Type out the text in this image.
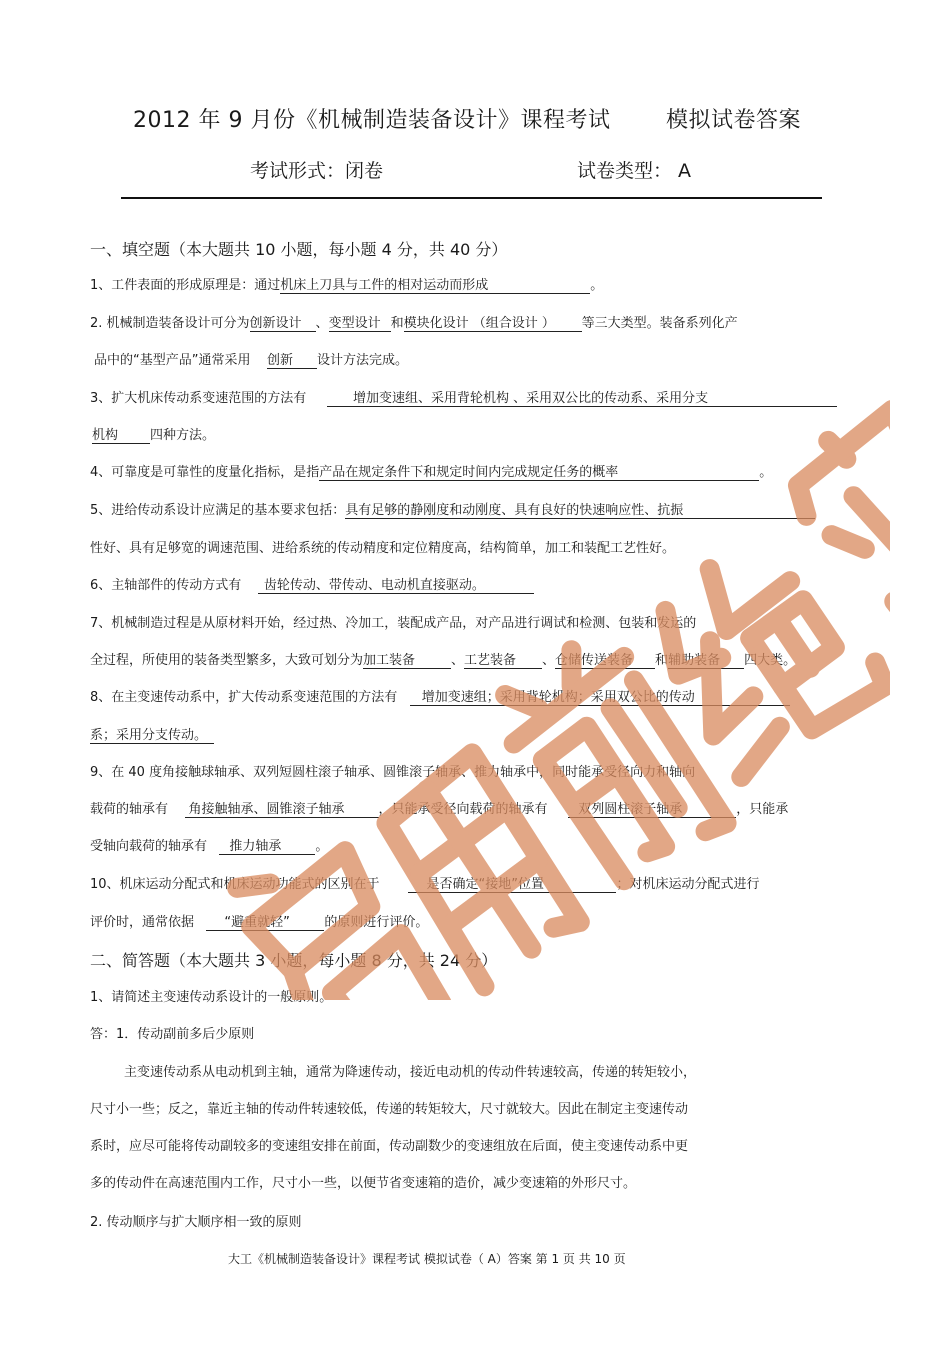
2012 年 9 月份《机械制造装备设计》课程考试	模拟试卷答案
考试形式：闭卷	试卷类型： A
一、填空题（本大题共 10 小题，每小题 4 分，共 40 分）
1、工件表面的形成原理是：通过机床上刀具与工件的相对运动而形成	。
2. 机械制造装备设计可分为创新设计 、变型设计 和模块化设计 （组合设计 ） 等三大类型。装备系列化产
品中的“基型产品”通常采用 创新 设计方法完成。
3、扩大机床传动系变速范围的方法有	增加变速组、采用背轮机构 、采用双公比的传动系、采用分支
机构 四种方法。
4、可靠度是可靠性的度量化指标，是指产品在规定条件下和规定时间内完成规定任务的概率	。
5、进给传动系设计应满足的基本要求包括：具有足够的静刚度和动刚度、具有良好的快速响应性、抗振
性好、具有足够宽的调速范围、进给系统的传动精度和定位精度高，结构简单，加工和装配工艺性好。
6、主轴部件的传动方式有 齿轮传动、带传动、电动机直接驱动。
7、机械制造过程是从原材料开始，经过热、冷加工，装配成产品，对产品进行调试和检测、包装和发运的
全过程，所使用的装备类型繁多，大致可划分为加工装备	、工艺装备 、仓储传送装备 和辅助装备 四大类。
8、在主变速传动系中，扩大传动系变速范围的方法有 增加变速组；采用背轮机构；采用双公比的传动
系；采用分支传动。
9、在 40 度角接触球轴承、双列短圆柱滚子轴承、圆锥滚子轴承、推力轴承中，同时能承受径向力和轴向
载荷的轴承有 角接触轴承、圆锥滚子轴承	，只能承受径向载荷的轴承有 双列圆柱滚子轴承	，只能承
受轴向载荷的轴承有 推力轴承	。
10、机床运动分配式和机床运动功能式的区别在于	是否确定“接地”位置	；对机床运动分配式进行
评价时，通常依据 “避重就轻”	的原则进行评价。
二、简答题（本大题共 3 小题，每小题 8 分，共 24 分）
1、请简述主变速传动系设计的一般原则。
答：1．传动副前多后少原则
主变速传动系从电动机到主轴，通常为降速传动，接近电动机的传动件转速较高，传递的转矩较小，
尺寸小一些；反之，靠近主轴的传动件转速较低，传递的转矩较大，尺寸就较大。因此在制定主变速传动
系时，应尽可能将传动副较多的变速组安排在前面，传动副数少的变速组放在后面，使主变速传动系中更
多的传动件在高速范围内工作，尺寸小一些，以便节省变速箱的造价，减少变速箱的外形尺寸。
2. 传动顺序与扩大顺序相一致的原则
大工《机械制造装备设计》课程考试 模拟试卷（ A）答案 第 1 页 共 10 页
